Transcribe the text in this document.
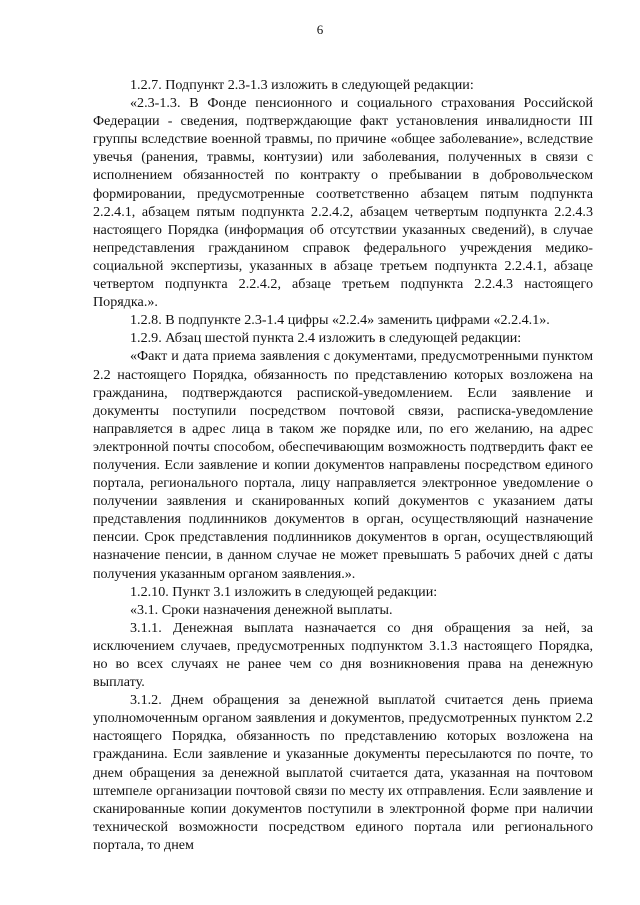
6

1.2.7. Подпункт 2.3-1.3 изложить в следующей редакции:

«2.3-1.3. В Фонде пенсионного и социального страхования Российской Федерации - сведения, подтверждающие факт установления инвалидности III группы вследствие военной травмы, по причине «общее заболевание», вследствие увечья (ранения, травмы, контузии) или заболевания, полученных в связи с исполнением обязанностей по контракту о пребывании в добровольческом формировании, предусмотренные соответственно абзацем пятым подпункта 2.2.4.1, абзацем пятым подпункта 2.2.4.2, абзацем четвертым подпункта 2.2.4.3 настоящего Порядка (информация об отсутствии указанных сведений), в случае непредставления гражданином справок федерального учреждения медико-социальной экспертизы, указанных в абзаце третьем подпункта 2.2.4.1, абзаце четвертом подпункта 2.2.4.2, абзаце третьем подпункта 2.2.4.3 настоящего Порядка.».

1.2.8. В подпункте 2.3-1.4 цифры «2.2.4» заменить цифрами «2.2.4.1».

1.2.9. Абзац шестой пункта 2.4 изложить в следующей редакции:

«Факт и дата приема заявления с документами, предусмотренными пунктом 2.2 настоящего Порядка, обязанность по представлению которых возложена на гражданина, подтверждаются распиской-уведомлением. Если заявление и документы поступили посредством почтовой связи, расписка-уведомление направляется в адрес лица в таком же порядке или, по его желанию, на адрес электронной почты способом, обеспечивающим возможность подтвердить факт ее получения. Если заявление и копии документов направлены посредством единого портала, регионального портала, лицу направляется электронное уведомление о получении заявления и сканированных копий документов с указанием даты представления подлинников документов в орган, осуществляющий назначение пенсии. Срок представления подлинников документов в орган, осуществляющий назначение пенсии, в данном случае не может превышать 5 рабочих дней с даты получения указанным органом заявления.».

1.2.10. Пункт 3.1 изложить в следующей редакции:

«3.1. Сроки назначения денежной выплаты.

3.1.1. Денежная выплата назначается со дня обращения за ней, за исключением случаев, предусмотренных подпунктом 3.1.3 настоящего Порядка, но во всех случаях не ранее чем со дня возникновения права на денежную выплату.

3.1.2. Днем обращения за денежной выплатой считается день приема уполномоченным органом заявления и документов, предусмотренных пунктом 2.2 настоящего Порядка, обязанность по представлению которых возложена на гражданина. Если заявление и указанные документы пересылаются по почте, то днем обращения за денежной выплатой считается дата, указанная на почтовом штемпеле организации почтовой связи по месту их отправления. Если заявление и сканированные копии документов поступили в электронной форме при наличии технической возможности посредством единого портала или регионального портала, то днем
